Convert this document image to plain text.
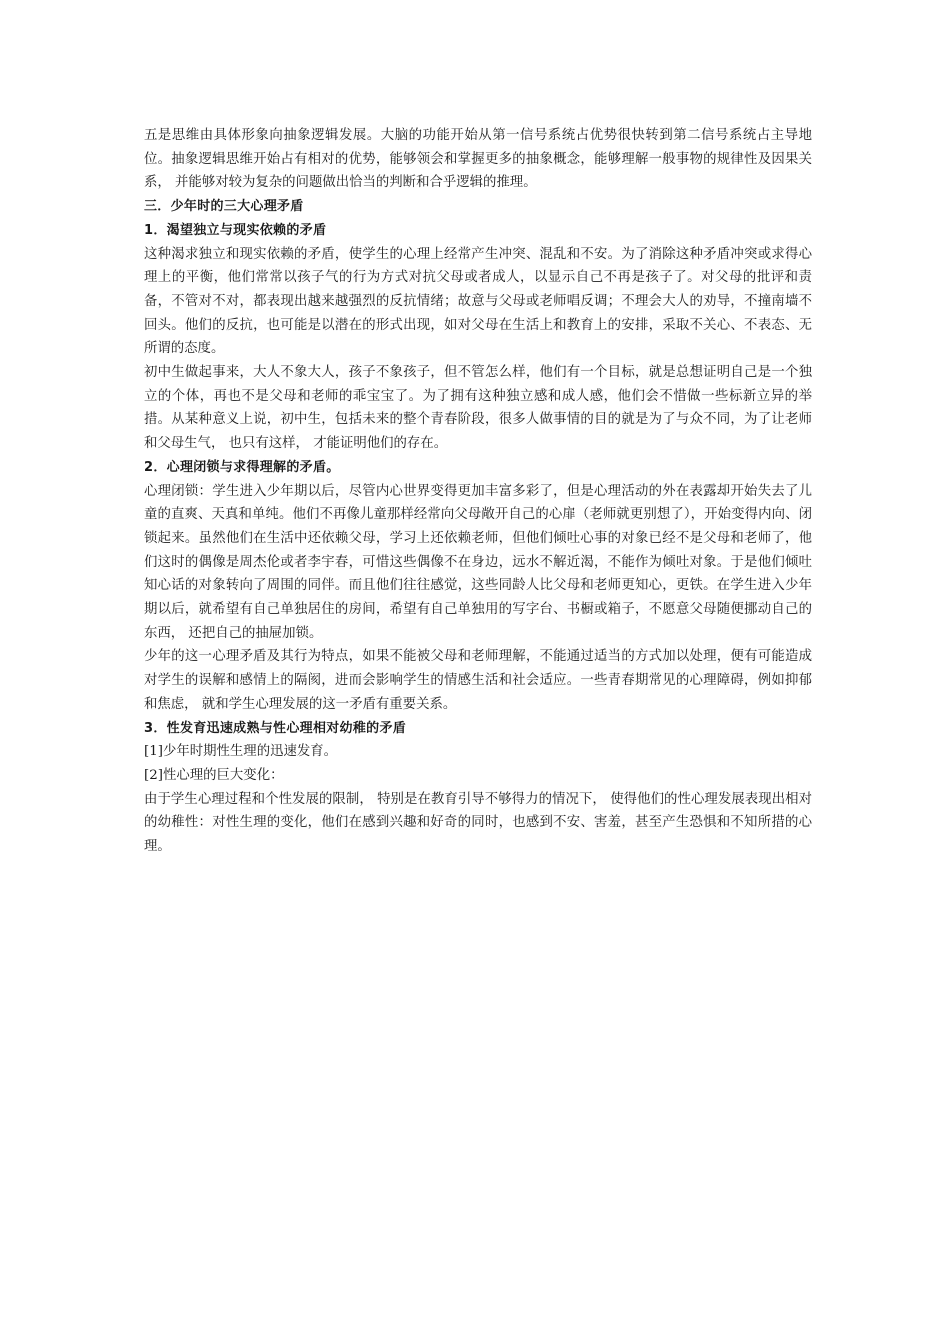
五是思维由具体形象向抽象逻辑发展。大脑的功能开始从第一信号系统占优势很快转到第二信号系统占主导地位。抽象逻辑思维开始占有相对的优势，能够领会和掌握更多的抽象概念，能够理解一般事物的规律性及因果关系， 并能够对较为复杂的问题做出恰当的判断和合乎逻辑的推理。

三．少年时的三大心理矛盾

1．渴望独立与现实依赖的矛盾

这种渴求独立和现实依赖的矛盾，使学生的心理上经常产生冲突、混乱和不安。为了消除这种矛盾冲突或求得心理上的平衡，他们常常以孩子气的行为方式对抗父母或者成人，以显示自己不再是孩子了。对父母的批评和责备，不管对不对，都表现出越来越强烈的反抗情绪；故意与父母或老师唱反调；不理会大人的劝导，不撞南墙不回头。他们的反抗，也可能是以潜在的形式出现，如对父母在生活上和教育上的安排，采取不关心、不表态、无所谓的态度。

初中生做起事来，大人不象大人，孩子不象孩子，但不管怎么样，他们有一个目标，就是总想证明自己是一个独立的个体，再也不是父母和老师的乖宝宝了。为了拥有这种独立感和成人感，他们会不惜做一些标新立异的举措。从某种意义上说，初中生，包括未来的整个青春阶段，很多人做事情的目的就是为了与众不同，为了让老师和父母生气， 也只有这样， 才能证明他们的存在。

2．心理闭锁与求得理解的矛盾。

心理闭锁：学生进入少年期以后，尽管内心世界变得更加丰富多彩了，但是心理活动的外在表露却开始失去了儿童的直爽、天真和单纯。他们不再像儿童那样经常向父母敞开自己的心扉（老师就更别想了），开始变得内向、闭锁起来。虽然他们在生活中还依赖父母，学习上还依赖老师，但他们倾吐心事的对象已经不是父母和老师了，他们这时的偶像是周杰伦或者李宇春，可惜这些偶像不在身边，远水不解近渴，不能作为倾吐对象。于是他们倾吐知心话的对象转向了周围的同伴。而且他们往往感觉，这些同龄人比父母和老师更知心，更铁。在学生进入少年期以后，就希望有自己单独居住的房间，希望有自己单独用的写字台、书橱或箱子，不愿意父母随便挪动自己的东西， 还把自己的抽屉加锁。

少年的这一心理矛盾及其行为特点，如果不能被父母和老师理解，不能通过适当的方式加以处理，便有可能造成对学生的误解和感情上的隔阂，进而会影响学生的情感生活和社会适应。一些青春期常见的心理障碍，例如抑郁和焦虑， 就和学生心理发展的这一矛盾有重要关系。

3．性发育迅速成熟与性心理相对幼稚的矛盾

[1]少年时期性生理的迅速发育。

[2]性心理的巨大变化：

由于学生心理过程和个性发展的限制， 特别是在教育引导不够得力的情况下， 使得他们的性心理发展表现出相对的幼稚性：对性生理的变化，他们在感到兴趣和好奇的同时，也感到不安、害羞，甚至产生恐惧和不知所措的心理。
